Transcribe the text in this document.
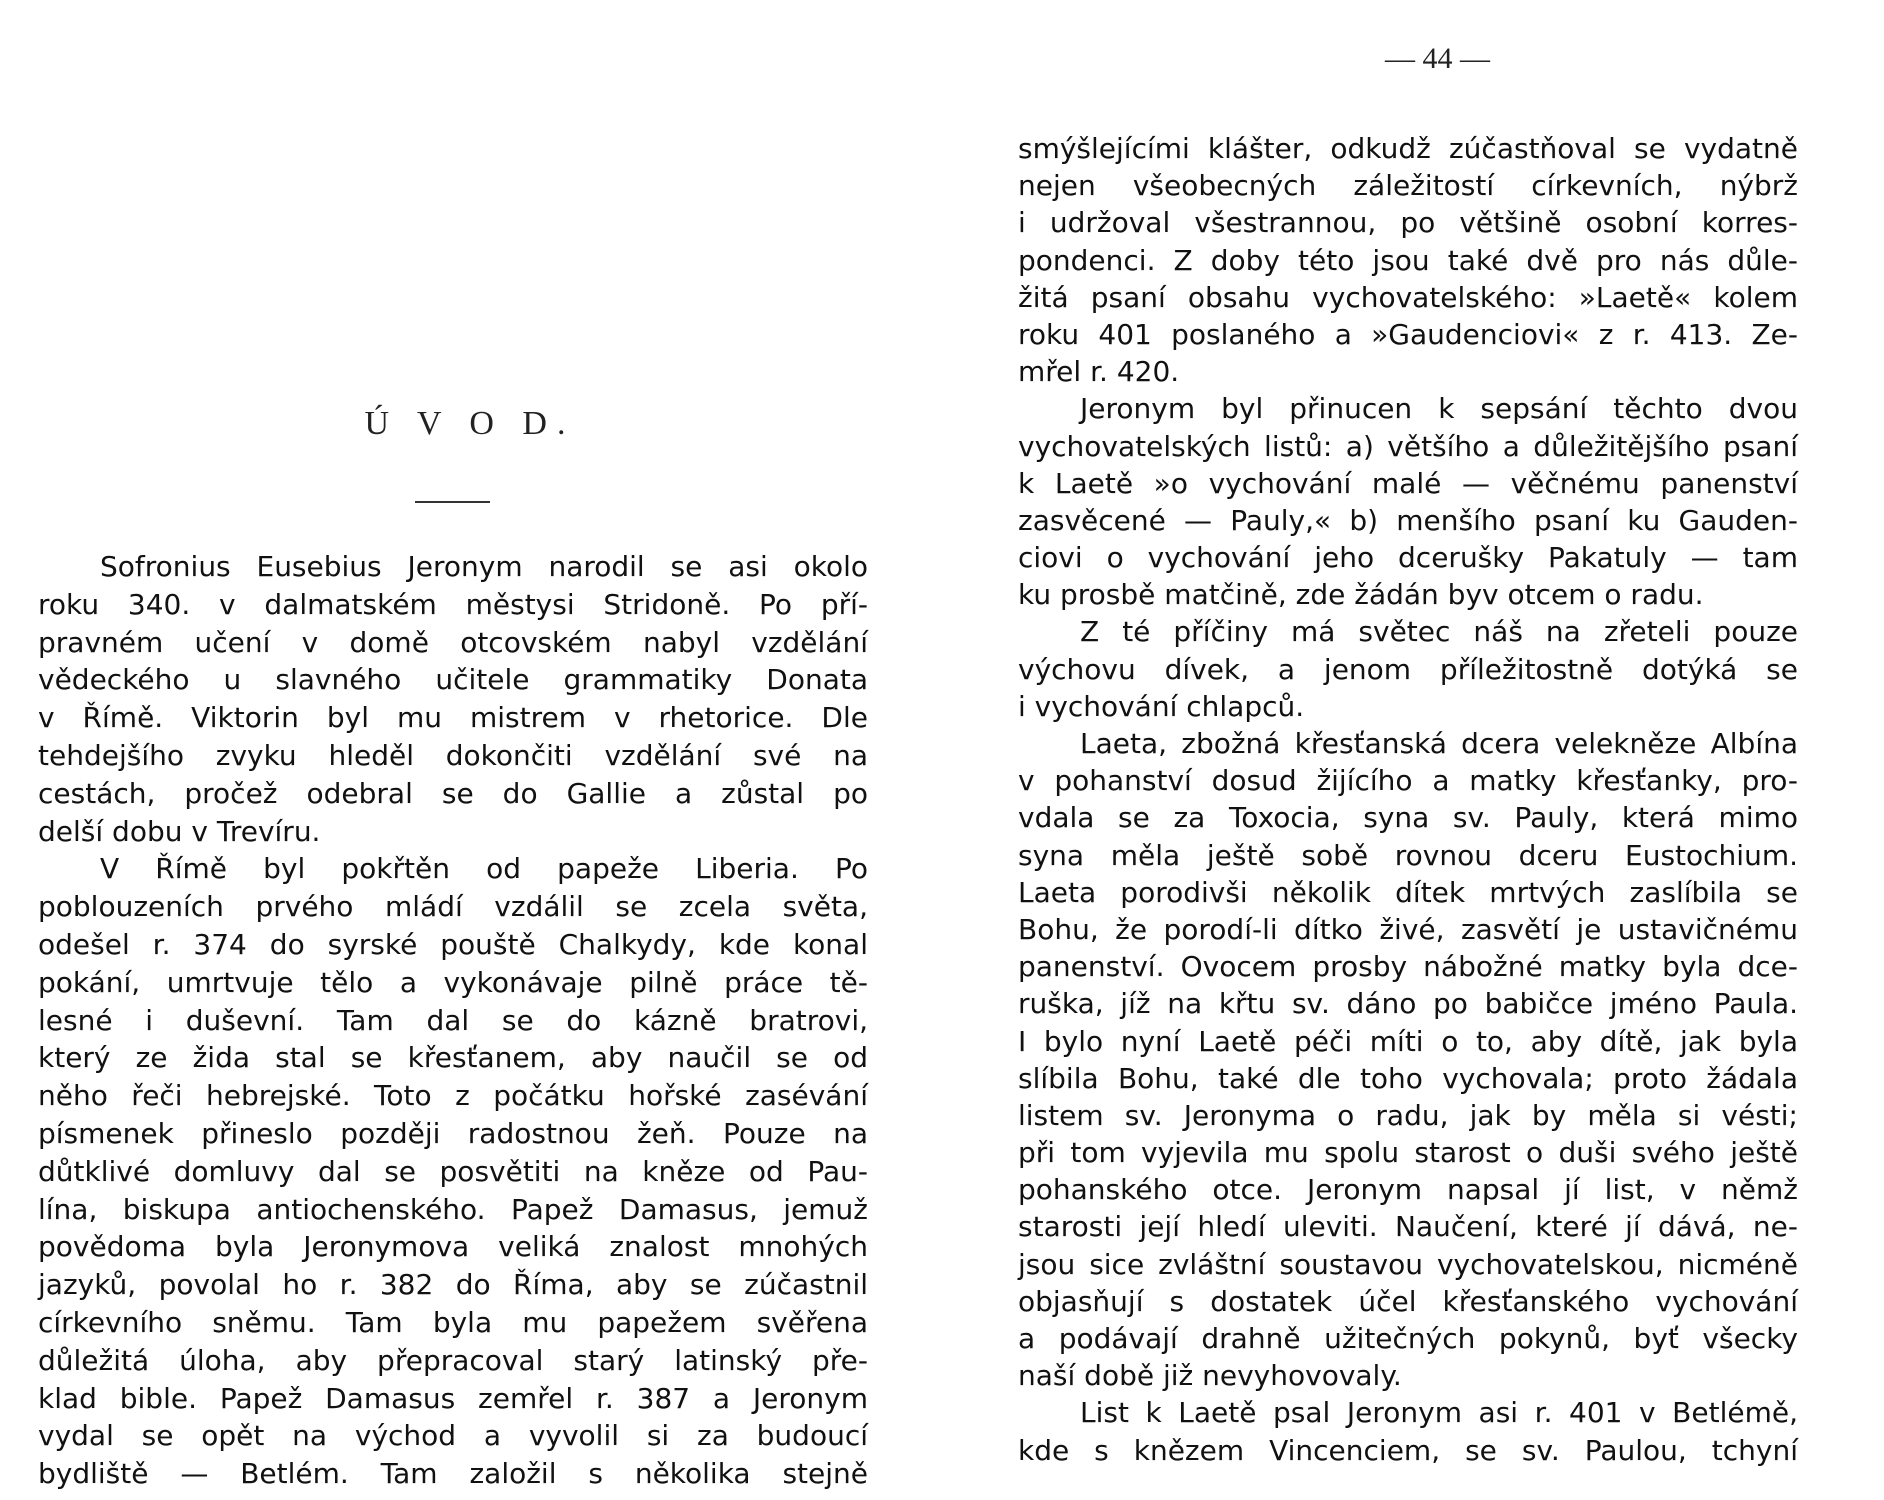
Ú V O D.
Sofronius Eusebius Jeronym narodil se asi okolo
roku 340. v dalmatském městysi Stridoně. Po pří-
pravném učení v domě otcovském nabyl vzdělání
vědeckého u slavného učitele grammatiky Donata
v Římě. Viktorin byl mu mistrem v rhetorice. Dle
tehdejšího zvyku hleděl dokončiti vzdělání své na
cestách, pročež odebral se do Gallie a zůstal po
delší dobu v Trevíru.
V Římě byl pokřtěn od papeže Liberia. Po
poblouzeních prvého mládí vzdálil se zcela světa,
odešel r. 374 do syrské pouště Chalkydy, kde konal
pokání, umrtvuje tělo a vykonávaje pilně práce tě-
lesné i duševní. Tam dal se do kázně bratrovi,
který ze žida stal se křesťanem, aby naučil se od
něho řeči hebrejské. Toto z počátku hořské zasévání
písmenek přineslo později radostnou žeň. Pouze na
důtklivé domluvy dal se posvětiti na kněze od Pau-
lína, biskupa antiochenského. Papež Damasus, jemuž
povědoma byla Jeronymova veliká znalost mnohých
jazyků, povolal ho r. 382 do Říma, aby se zúčastnil
církevního sněmu. Tam byla mu papežem svěřena
důležitá úloha, aby přepracoval starý latinský pře-
klad bible. Papež Damasus zemřel r. 387 a Jeronym
vydal se opět na východ a vyvolil si za budoucí
bydliště — Betlém. Tam založil s několika stejně
— 44 —
smýšlejícími klášter, odkudž zúčastňoval se vydatně
nejen všeobecných záležitostí církevních, nýbrž
i udržoval všestrannou, po většině osobní korres-
pondenci. Z doby této jsou také dvě pro nás důle-
žitá psaní obsahu vychovatelského: »Laetě« kolem
roku 401 poslaného a »Gaudenciovi« z r. 413. Ze-
mřel r. 420.
Jeronym byl přinucen k sepsání těchto dvou
vychovatelských listů: a) většího a důležitějšího psaní
k Laetě »o vychování malé — věčnému panenství
zasvěcené — Pauly,« b) menšího psaní ku Gauden-
ciovi o vychování jeho dcerušky Pakatuly — tam
ku prosbě matčině, zde žádán byv otcem o radu.
Z té příčiny má světec náš na zřeteli pouze
výchovu dívek, a jenom příležitostně dotýká se
i vychování chlapců.
Laeta, zbožná křesťanská dcera velekněze Albína
v pohanství dosud žijícího a matky křesťanky, pro-
vdala se za Toxocia, syna sv. Pauly, která mimo
syna měla ještě sobě rovnou dceru Eustochium.
Laeta porodivši několik dítek mrtvých zaslíbila se
Bohu, že porodí-li dítko živé, zasvětí je ustavičnému
panenství. Ovocem prosby nábožné matky byla dce-
ruška, jíž na křtu sv. dáno po babičce jméno Paula.
I bylo nyní Laetě péči míti o to, aby dítě, jak byla
slíbila Bohu, také dle toho vychovala; proto žádala
listem sv. Jeronyma o radu, jak by měla si vésti;
při tom vyjevila mu spolu starost o duši svého ještě
pohanského otce. Jeronym napsal jí list, v němž
starosti její hledí uleviti. Naučení, které jí dává, ne-
jsou sice zvláštní soustavou vychovatelskou, nicméně
objasňují s dostatek účel křesťanského vychování
a podávají drahně užitečných pokynů, byť všecky
naší době již nevyhovovaly.
List k Laetě psal Jeronym asi r. 401 v Betlémě,
kde s knězem Vincenciem, se sv. Paulou, tchyní
